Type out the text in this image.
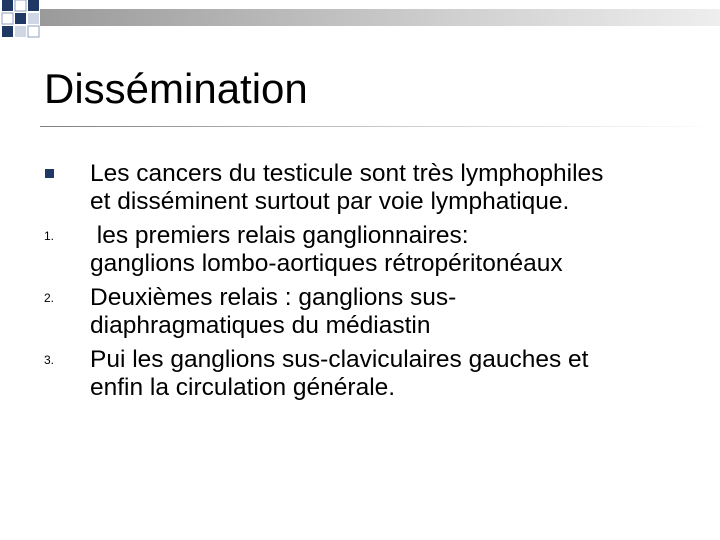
Dissémination
Les cancers du testicule sont très lymphophiles
et disséminent surtout par voie lymphatique.
1.	les premiers relais ganglionnaires:
ganglions lombo-aortiques rétropéritonéaux
2.	Deuxièmes relais : ganglions sus-
diaphragmatiques du médiastin
3.	Pui les ganglions sus-claviculaires gauches et
enfin la circulation générale.
